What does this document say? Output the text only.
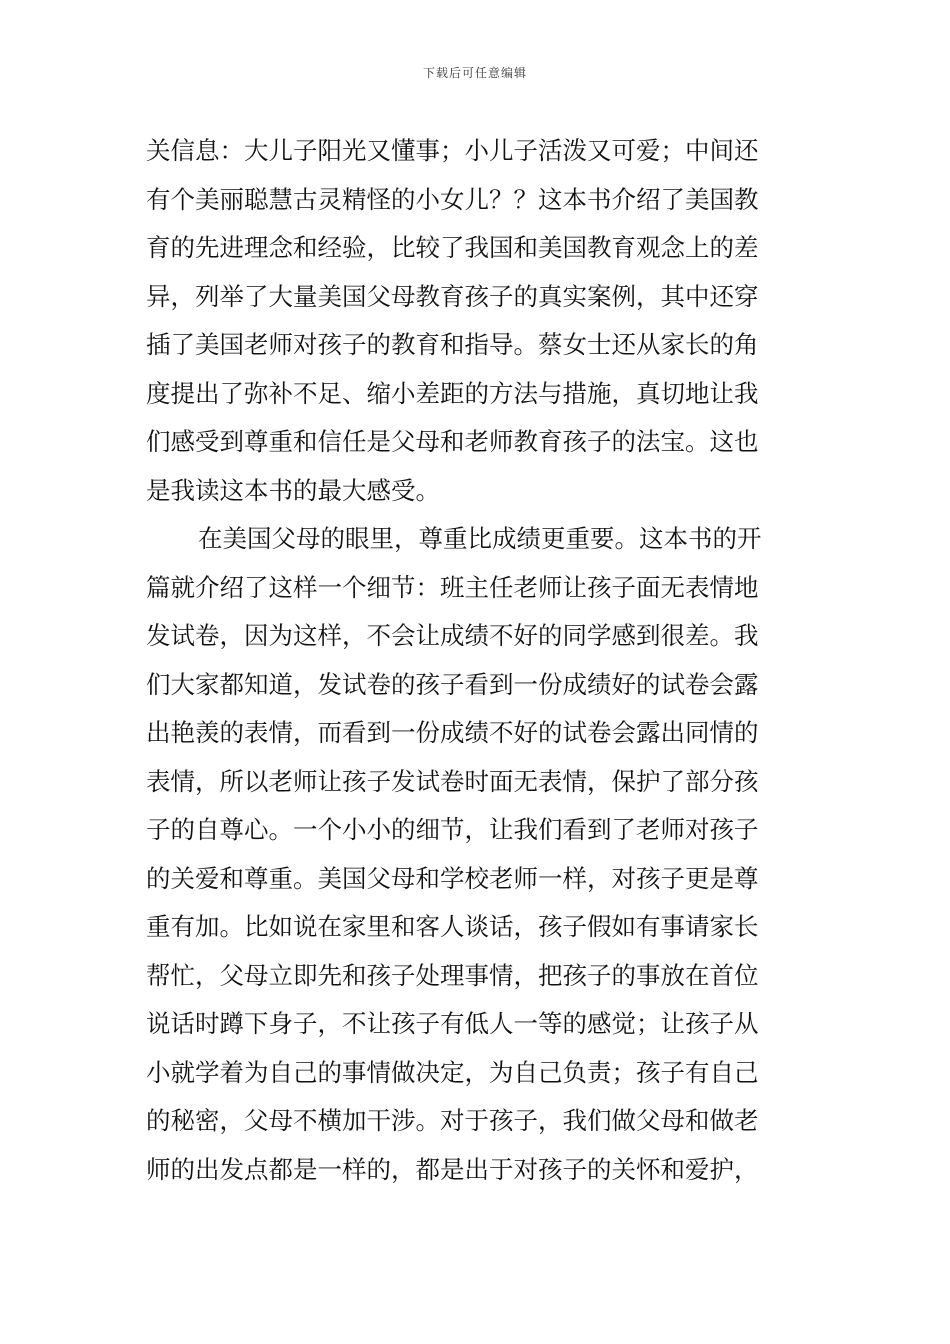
下载后可任意编辑
关信息：大儿子阳光又懂事；小儿子活泼又可爱；中间还
有个美丽聪慧古灵精怪的小女儿？？这本书介绍了美国教
育的先进理念和经验，比较了我国和美国教育观念上的差
异，列举了大量美国父母教育孩子的真实案例，其中还穿
插了美国老师对孩子的教育和指导。蔡女士还从家长的角
度提出了弥补不足、缩小差距的方法与措施，真切地让我
们感受到尊重和信任是父母和老师教育孩子的法宝。这也
是我读这本书的最大感受。
在美国父母的眼里，尊重比成绩更重要。这本书的开
篇就介绍了这样一个细节：班主任老师让孩子面无表情地
发试卷，因为这样，不会让成绩不好的同学感到很差。我
们大家都知道，发试卷的孩子看到一份成绩好的试卷会露
出艳羡的表情，而看到一份成绩不好的试卷会露出同情的
表情，所以老师让孩子发试卷时面无表情，保护了部分孩
子的自尊心。一个小小的细节，让我们看到了老师对孩子
的关爱和尊重。美国父母和学校老师一样，对孩子更是尊
重有加。比如说在家里和客人谈话，孩子假如有事请家长
帮忙，父母立即先和孩子处理事情，把孩子的事放在首位
说话时蹲下身子，不让孩子有低人一等的感觉；让孩子从
小就学着为自己的事情做决定，为自己负责；孩子有自己
的秘密，父母不横加干涉。对于孩子，我们做父母和做老
师的出发点都是一样的，都是出于对孩子的关怀和爱护，
